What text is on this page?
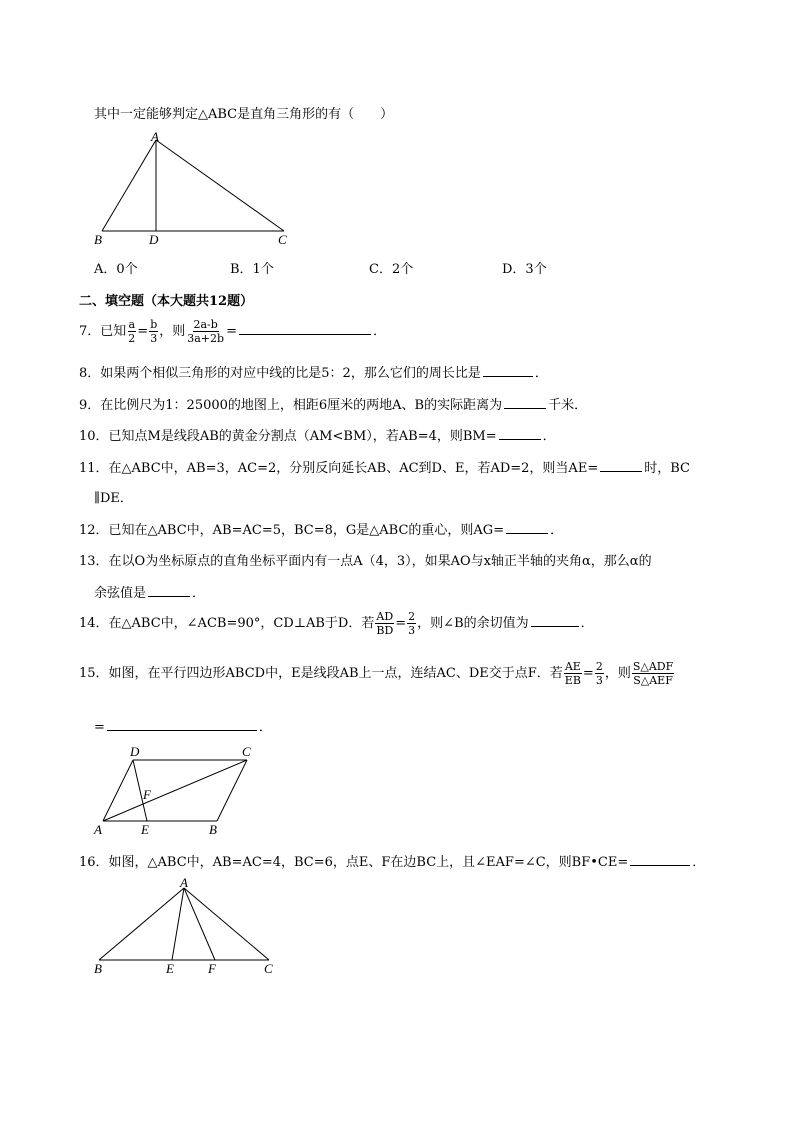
其中一定能够判定△ABC是直角三角形的有（　　）
A
B	D	C
A．0个	B．1个	C．2个	D．3个
二、填空题（本大题共12题）
7．已知 $\frac{a}{2} = \frac{b}{3}$ ，则 $\frac{2a-b}{3a+2b}$ =	．
8．如果两个相似三角形的对应中线的比是5：2，那么它们的周长比是	．
9．在比例尺为1：25000的地图上，相距6厘米的两地A、B的实际距离为	千米．
10．已知点M是线段AB的黄金分割点（AM<BM），若AB=4，则BM=	．
11．在△ABC中，AB=3，AC=2，分别反向延长AB、AC到D、E，若AD=2，则当AE=	时，BC
∥DE．
12．已知在△ABC中，AB=AC=5，BC=8，G是△ABC的重心，则AG=	．
13．在以O为坐标原点的直角坐标平面内有一点A（4，3），如果AO与x轴正半轴的夹角α，那么α的
余弦值是	．
14．在△ABC中，∠ACB=90°，CD⊥AB于D．若 $\frac{AD}{BD} = \frac{2}{3}$ ，则∠B的余切值为	．
15．如图，在平行四边形ABCD中，E是线段AB上一点，连结AC、DE交于点F．若 $\frac{AE}{EB} = \frac{2}{3}$ ，则 $\frac{\text{S△ADF}}{\text{S△AEF}}$
=	．
D	C
F
A	E	B
16．如图，△ABC中，AB=AC=4，BC=6，点E、F在边BC上，且∠EAF=∠C，则BF•CE=	．
A
B	E	F	C
